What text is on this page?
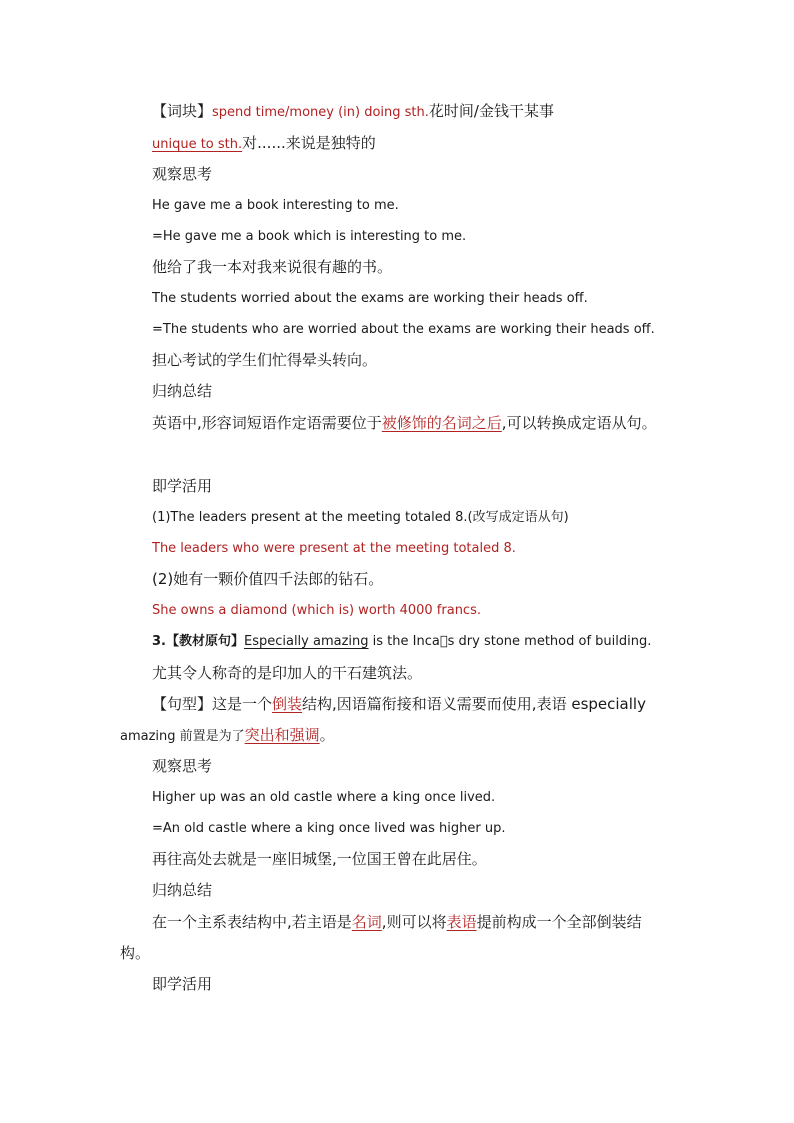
【词块】spend time/money (in) doing sth.花时间/金钱干某事
unique to sth.对......来说是独特的
观察思考
He gave me a book interesting to me.
=He gave me a book which is interesting to me.
他给了我一本对我来说很有趣的书。
The students worried about the exams are working their heads off.
=The students who are worried about the exams are working their heads off.
担心考试的学生们忙得晕头转向。
归纳总结
英语中,形容词短语作定语需要位于被修饰的名词之后,可以转换成定语从句。
即学活用
(1)The leaders present at the meeting totaled 8.(改写成定语从句)
The leaders who were present at the meeting totaled 8.
(2)她有一颗价值四千法郎的钻石。
She owns a diamond (which is) worth 4000 francs.
3.【教材原句】Especially amazing is the Inca s dry stone method of building.
尤其令人称奇的是印加人的干石建筑法。
【句型】这是一个倒装结构,因语篇衔接和语义需要而使用,表语 especially
amazing 前置是为了突出和强调。
观察思考
Higher up was an old castle where a king once lived.
=An old castle where a king once lived was higher up.
再往高处去就是一座旧城堡,一位国王曾在此居住。
归纳总结
在一个主系表结构中,若主语是名词,则可以将表语提前构成一个全部倒装结
构。
即学活用
